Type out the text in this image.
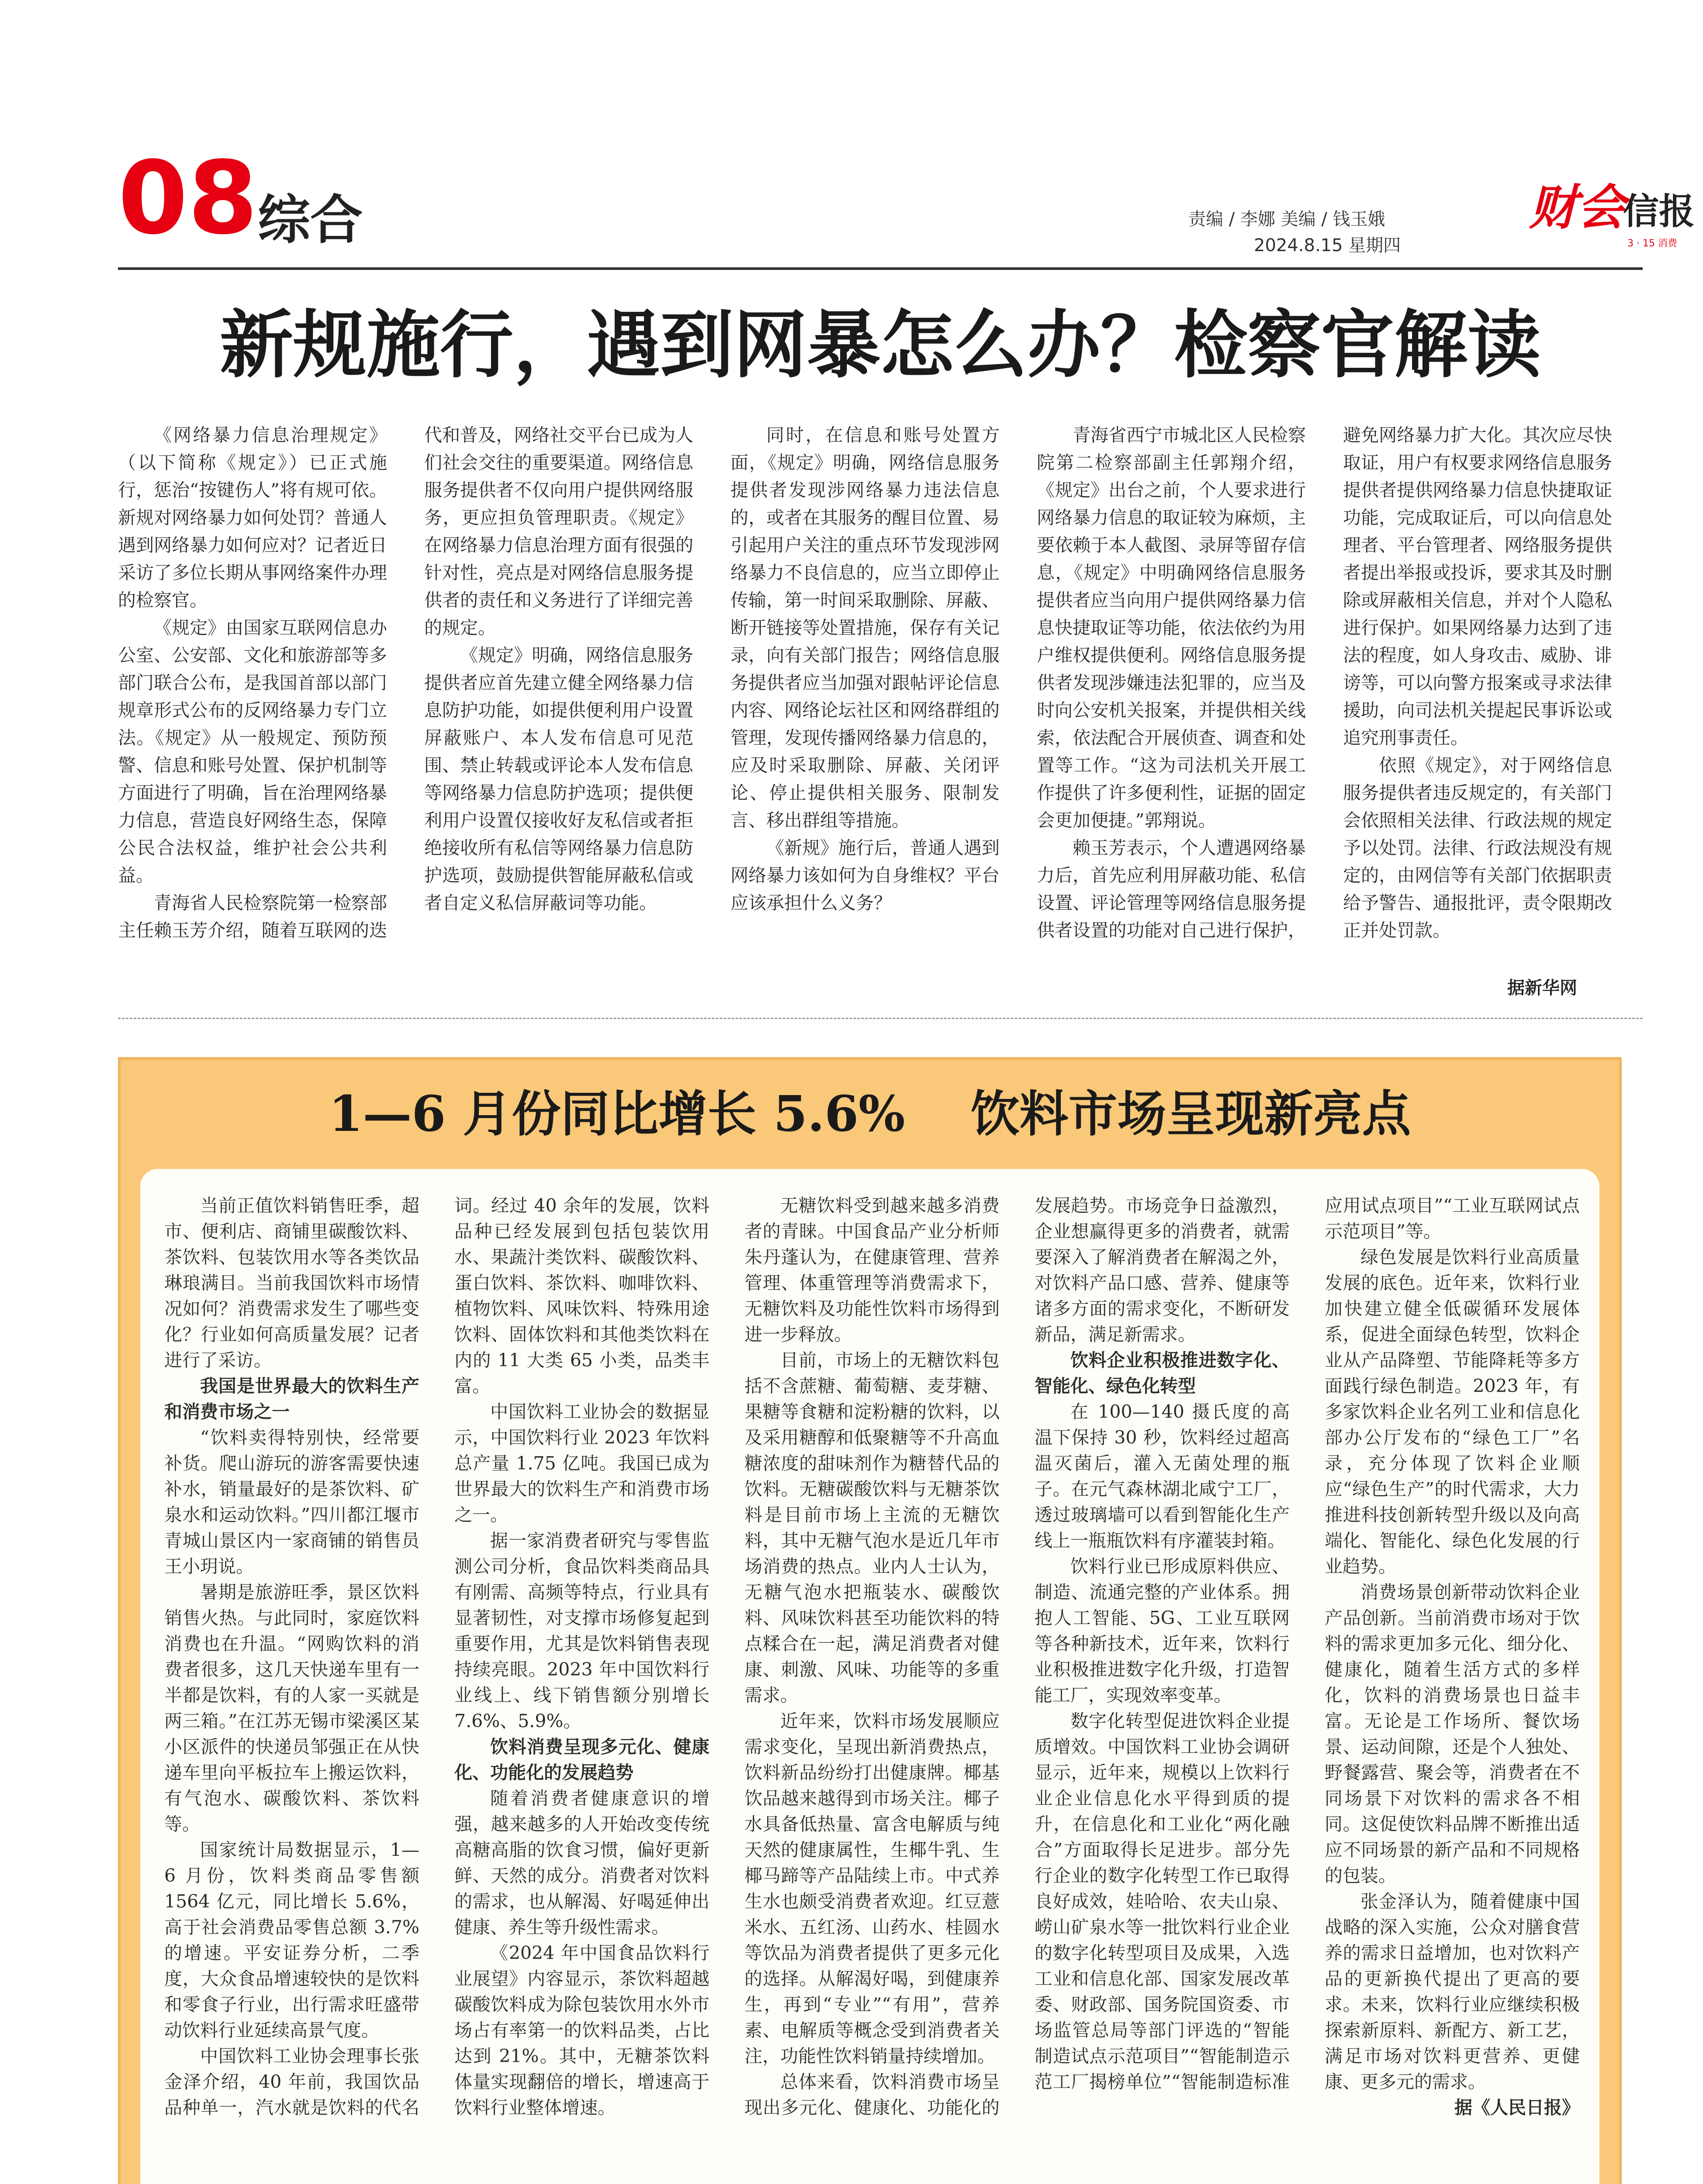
08 综合	责编 / 李娜 美编 / 钱玉娥
2024.8.15 星期四
财会
信报
3 · 15 消费
新规施行，遇到网暴怎么办？检察官解读

《网络暴力信息治理规定》（以下简称《规定》）已正式施行，惩治“按键伤人”将有规可依。新规对网络暴力如何处罚？普通人遇到网络暴力如何应对？记者近日采访了多位长期从事网络案件办理的检察官。

《规定》由国家互联网信息办公室、公安部、文化和旅游部等多部门联合公布，是我国首部以部门规章形式公布的反网络暴力专门立法。《规定》从一般规定、预防预警、信息和账号处置、保护机制等方面进行了明确，旨在治理网络暴力信息，营造良好网络生态，保障公民合法权益，维护社会公共利益。

青海省人民检察院第一检察部主任赖玉芳介绍，随着互联网的迭代和普及，网络社交平台已成为人们社会交往的重要渠道。网络信息服务提供者不仅向用户提供网络服务，更应担负管理职责。《规定》在网络暴力信息治理方面有很强的针对性，亮点是对网络信息服务提供者的责任和义务进行了详细完善的规定。

《规定》明确，网络信息服务提供者应首先建立健全网络暴力信息防护功能，如提供便利用户设置屏蔽账户、本人发布信息可见范围、禁止转载或评论本人发布信息等网络暴力信息防护选项；提供便利用户设置仅接收好友私信或者拒绝接收所有私信等网络暴力信息防护选项，鼓励提供智能屏蔽私信或者自定义私信屏蔽词等功能。

同时，在信息和账号处置方面，《规定》明确，网络信息服务提供者发现涉网络暴力违法信息的，或者在其服务的醒目位置、易引起用户关注的重点环节发现涉网络暴力不良信息的，应当立即停止传输，第一时间采取删除、屏蔽、断开链接等处置措施，保存有关记录，向有关部门报告；网络信息服务提供者应当加强对跟帖评论信息内容、网络论坛社区和网络群组的管理，发现传播网络暴力信息的，应及时采取删除、屏蔽、关闭评论、停止提供相关服务、限制发言、移出群组等措施。

《新规》施行后，普通人遇到网络暴力该如何为自身维权？平台应该承担什么义务？

青海省西宁市城北区人民检察院第二检察部副主任郭翔介绍，《规定》出台之前，个人要求进行网络暴力信息的取证较为麻烦，主要依赖于本人截图、录屏等留存信息，《规定》中明确网络信息服务提供者应当向用户提供网络暴力信息快捷取证等功能，依法依约为用户维权提供便利。网络信息服务提供者发现涉嫌违法犯罪的，应当及时向公安机关报案，并提供相关线索，依法配合开展侦查、调查和处置等工作。“这为司法机关开展工作提供了许多便利性，证据的固定会更加便捷。”郭翔说。

赖玉芳表示，个人遭遇网络暴力后，首先应利用屏蔽功能、私信设置、评论管理等网络信息服务提供者设置的功能对自己进行保护，避免网络暴力扩大化。其次应尽快取证，用户有权要求网络信息服务提供者提供网络暴力信息快捷取证功能，完成取证后，可以向信息处理者、平台管理者、网络服务提供者提出举报或投诉，要求其及时删除或屏蔽相关信息，并对个人隐私进行保护。如果网络暴力达到了违法的程度，如人身攻击、威胁、诽谤等，可以向警方报案或寻求法律援助，向司法机关提起民事诉讼或追究刑事责任。

依照《规定》，对于网络信息服务提供者违反规定的，有关部门会依照相关法律、行政法规的规定予以处罚。法律、行政法规没有规定的，由网信等有关部门依据职责给予警告、通报批评，责令限期改正并处罚款。

据新华网
1—6 月份同比增长 5.6% 饮料市场呈现新亮点

当前正值饮料销售旺季，超市、便利店、商铺里碳酸饮料、茶饮料、包装饮用水等各类饮品琳琅满目。当前我国饮料市场情况如何？消费需求发生了哪些变化？行业如何高质量发展？记者进行了采访。

我国是世界最大的饮料生产和消费市场之一

“饮料卖得特别快，经常要补货。爬山游玩的游客需要快速补水，销量最好的是茶饮料、矿泉水和运动饮料。”四川都江堰市青城山景区内一家商铺的销售员王小玥说。

暑期是旅游旺季，景区饮料销售火热。与此同时，家庭饮料消费也在升温。“网购饮料的消费者很多，这几天快递车里有一半都是饮料，有的人家一买就是两三箱。”在江苏无锡市梁溪区某小区派件的快递员邹强正在从快递车里向平板拉车上搬运饮料，有气泡水、碳酸饮料、茶饮料等。

国家统计局数据显示，1—6 月份，饮料类商品零售额 1564 亿元，同比增长 5.6%，高于社会消费品零售总额 3.7% 的增速。平安证券分析，二季度，大众食品增速较快的是饮料和零食子行业，出行需求旺盛带动饮料行业延续高景气度。

中国饮料工业协会理事长张金泽介绍，40 年前，我国饮品品种单一，汽水就是饮料的代名词。经过 40 余年的发展，饮料品种已经发展到包括包装饮用水、果蔬汁类饮料、碳酸饮料、蛋白饮料、茶饮料、咖啡饮料、植物饮料、风味饮料、特殊用途饮料、固体饮料和其他类饮料在内的 11 大类 65 小类，品类丰富。

中国饮料工业协会的数据显示，中国饮料行业 2023 年饮料总产量 1.75 亿吨。我国已成为世界最大的饮料生产和消费市场之一。

据一家消费者研究与零售监测公司分析，食品饮料类商品具有刚需、高频等特点，行业具有显著韧性，对支撑市场修复起到重要作用，尤其是饮料销售表现持续亮眼。2023 年中国饮料行业线上、线下销售额分别增长 7.6%、5.9%。

饮料消费呈现多元化、健康化、功能化的发展趋势

随着消费者健康意识的增强，越来越多的人开始改变传统高糖高脂的饮食习惯，偏好更新鲜、天然的成分。消费者对饮料的需求，也从解渴、好喝延伸出健康、养生等升级性需求。

《2024 年中国食品饮料行业展望》内容显示，茶饮料超越碳酸饮料成为除包装饮用水外市场占有率第一的饮料品类，占比达到 21%。其中，无糖茶饮料体量实现翻倍的增长，增速高于饮料行业整体增速。

无糖饮料受到越来越多消费者的青睐。中国食品产业分析师朱丹蓬认为，在健康管理、营养管理、体重管理等消费需求下，无糖饮料及功能性饮料市场得到进一步释放。

目前，市场上的无糖饮料包括不含蔗糖、葡萄糖、麦芽糖、果糖等食糖和淀粉糖的饮料，以及采用糖醇和低聚糖等不升高血糖浓度的甜味剂作为糖替代品的饮料。无糖碳酸饮料与无糖茶饮料是目前市场上主流的无糖饮料，其中无糖气泡水是近几年市场消费的热点。业内人士认为，无糖气泡水把瓶装水、碳酸饮料、风味饮料甚至功能饮料的特点糅合在一起，满足消费者对健康、刺激、风味、功能等的多重需求。

近年来，饮料市场发展顺应需求变化，呈现出新消费热点，饮料新品纷纷打出健康牌。椰基饮品越来越得到市场关注。椰子水具备低热量、富含电解质与纯天然的健康属性，生椰牛乳、生椰马蹄等产品陆续上市。中式养生水也颇受消费者欢迎。红豆薏米水、五红汤、山药水、桂圆水等饮品为消费者提供了更多元化的选择。从解渴好喝，到健康养生，再到“专业”“有用”，营养素、电解质等概念受到消费者关注，功能性饮料销量持续增加。

总体来看，饮料消费市场呈现出多元化、健康化、功能化的发展趋势。市场竞争日益激烈，企业想赢得更多的消费者，就需要深入了解消费者在解渴之外，对饮料产品口感、营养、健康等诸多方面的需求变化，不断研发新品，满足新需求。

饮料企业积极推进数字化、智能化、绿色化转型

在 100—140 摄氏度的高温下保持 30 秒，饮料经过超高温灭菌后，灌入无菌处理的瓶子。在元气森林湖北咸宁工厂，透过玻璃墙可以看到智能化生产线上一瓶瓶饮料有序灌装封箱。

饮料行业已形成原料供应、制造、流通完整的产业体系。拥抱人工智能、5G、工业互联网等各种新技术，近年来，饮料行业积极推进数字化升级，打造智能工厂，实现效率变革。

数字化转型促进饮料企业提质增效。中国饮料工业协会调研显示，近年来，规模以上饮料行业企业信息化水平得到质的提升，在信息化和工业化“两化融合”方面取得长足进步。部分先行企业的数字化转型工作已取得良好成效，娃哈哈、农夫山泉、崂山矿泉水等一批饮料行业企业的数字化转型项目及成果，入选工业和信息化部、国家发展改革委、财政部、国务院国资委、市场监管总局等部门评选的“智能制造试点示范项目”“智能制造示范工厂揭榜单位”“智能制造标准应用试点项目”“工业互联网试点示范项目”等。

绿色发展是饮料行业高质量发展的底色。近年来，饮料行业加快建立健全低碳循环发展体系，促进全面绿色转型，饮料企业从产品降塑、节能降耗等多方面践行绿色制造。2023 年，有多家饮料企业名列工业和信息化部办公厅发布的“绿色工厂”名录，充分体现了饮料企业顺应“绿色生产”的时代需求，大力推进科技创新转型升级以及向高端化、智能化、绿色化发展的行业趋势。

消费场景创新带动饮料企业产品创新。当前消费市场对于饮料的需求更加多元化、细分化、健康化，随着生活方式的多样化，饮料的消费场景也日益丰富。无论是工作场所、餐饮场景、运动间隙，还是个人独处、野餐露营、聚会等，消费者在不同场景下对饮料的需求各不相同。这促使饮料品牌不断推出适应不同场景的新产品和不同规格的包装。

张金泽认为，随着健康中国战略的深入实施，公众对膳食营养的需求日益增加，也对饮料产品的更新换代提出了更高的要求。未来，饮料行业应继续积极探索新原料、新配方、新工艺，满足市场对饮料更营养、更健康、更多元的需求。

据《人民日报》
